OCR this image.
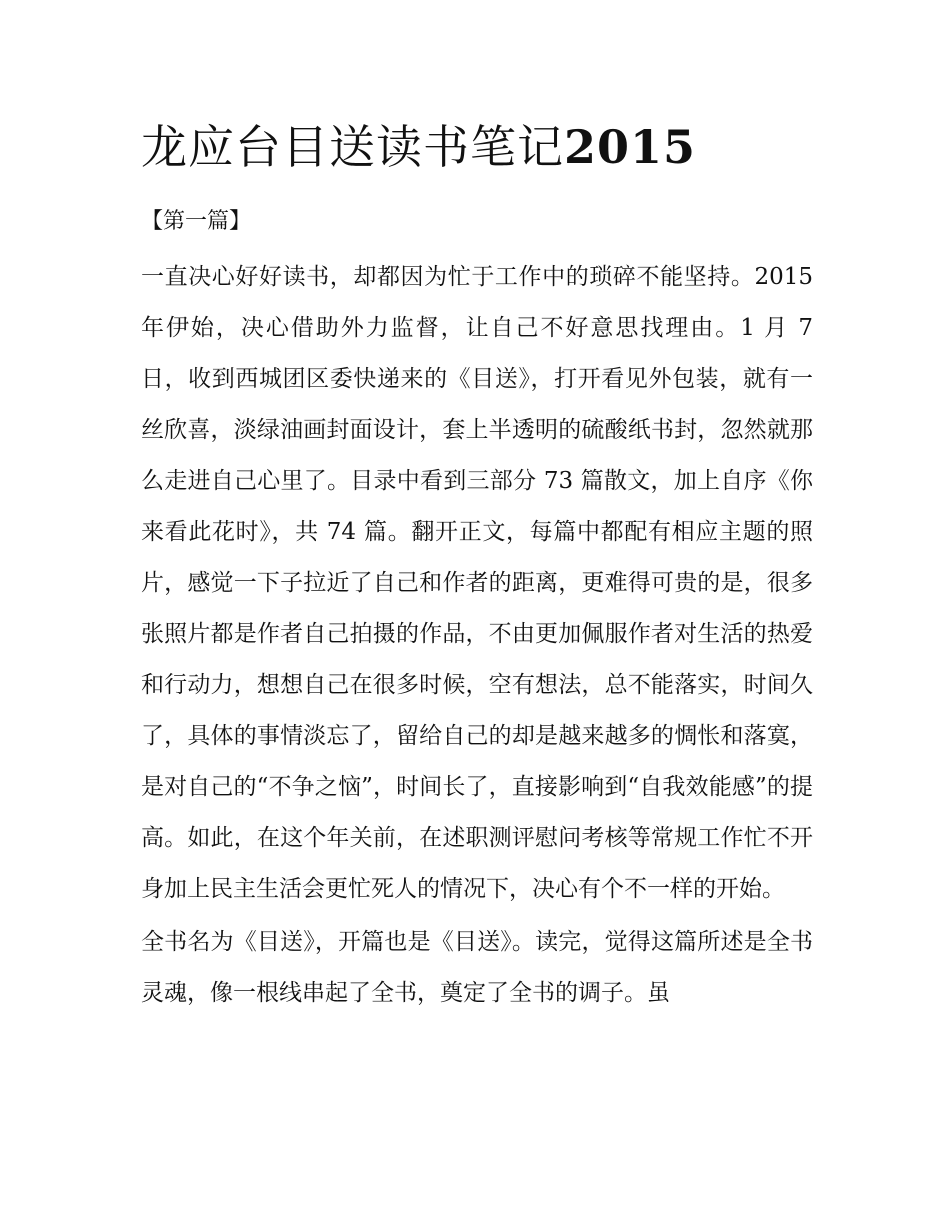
龙应台目送读书笔记2015
【第一篇】

一直决心好好读书，却都因为忙于工作中的琐碎不能坚持。2015 年伊始，决心借助外力监督，让自己不好意思找理由。1 月 7 日，收到西城团区委快递来的《目送》，打开看见外包装，就有一丝欣喜，淡绿油画封面设计，套上半透明的硫酸纸书封，忽然就那么走进自己心里了。目录中看到三部分 73 篇散文，加上自序《你来看此花时》，共 74 篇。翻开正文，每篇中都配有相应主题的照片，感觉一下子拉近了自己和作者的距离，更难得可贵的是，很多张照片都是作者自己拍摄的作品，不由更加佩服作者对生活的热爱和行动力，想想自己在很多时候，空有想法，总不能落实，时间久了，具体的事情淡忘了，留给自己的却是越来越多的惆怅和落寞，是对自己的“不争之恼”，时间长了，直接影响到“自我效能感”的提高。如此，在这个年关前，在述职测评慰问考核等常规工作忙不开身加上民主生活会更忙死人的情况下，决心有个不一样的开始。

全书名为《目送》，开篇也是《目送》。读完，觉得这篇所述是全书灵魂，像一根线串起了全书，奠定了全书的调子。虽
